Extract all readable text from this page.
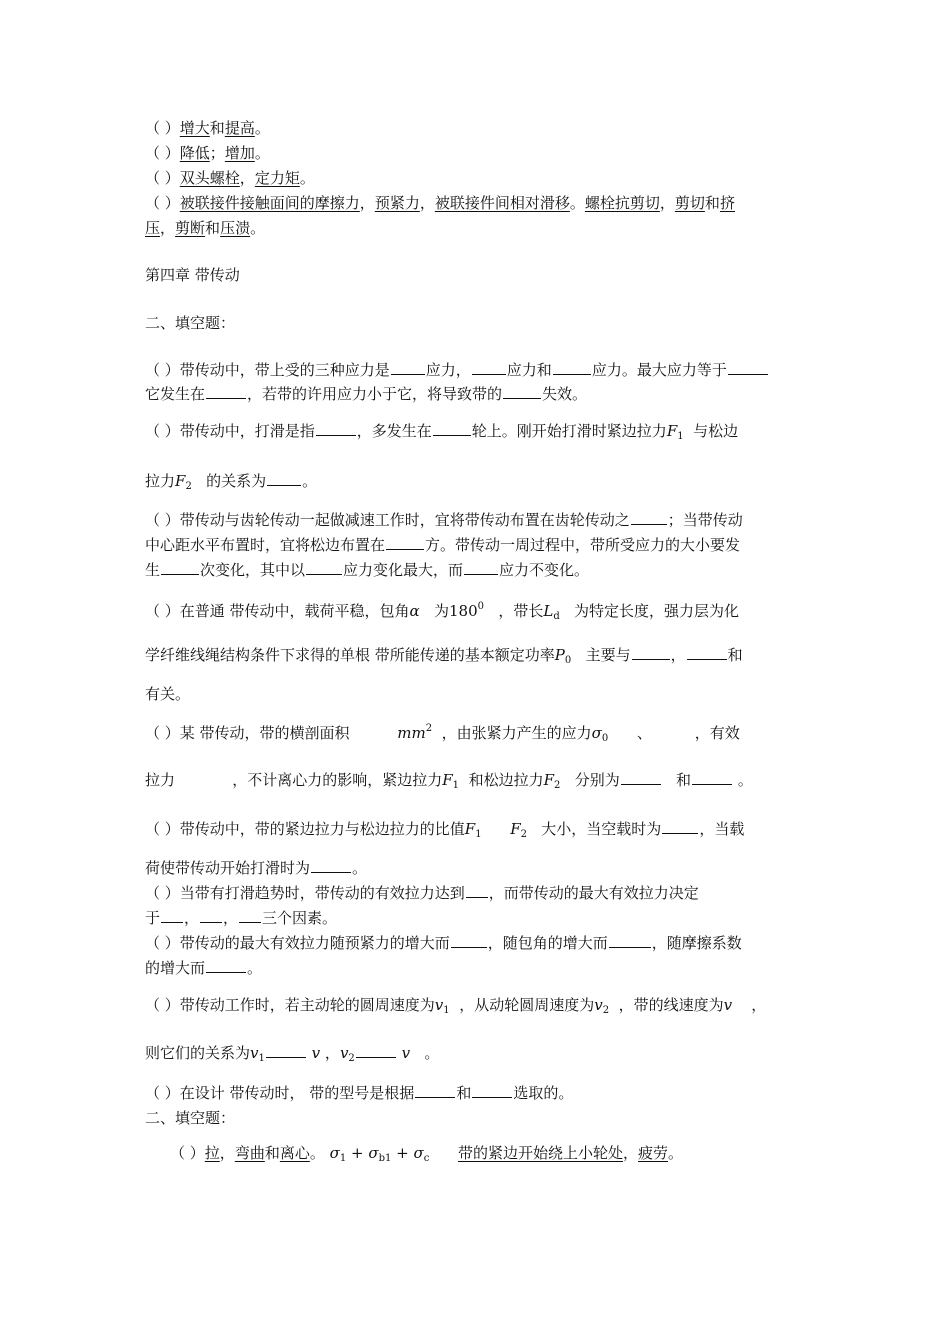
（ ）增大和提高。
（ ）降低；增加。
（ ）双头螺栓，定力矩。
（ ）被联接件接触面间的摩擦力，预紧力，被联接件间相对滑移。螺栓抗剪切，剪切和挤
压，剪断和压溃。
第四章 带传动
二、填空题：
（ ）带传动中，带上受的三种应力是 应力， 应力和	应力。最大应力等于
它发生在	，若带的许用应力小于它，将导致带的	失效。
（ ）带传动中，打滑是指	，多发生在	轮上。刚开始打滑时紧边拉力$F_1$ 与松边
拉力$F_2$ 的关系为 。
（ ）带传动与齿轮传动一起做减速工作时，宜将带传动布置在齿轮传动之	；当带传动
中心距水平布置时，宜将松边布置在	方。带传动一周过程中，带所受应力的大小要发
生	次变化，其中以	应力变化最大，而 应力不变化。
（ ）在普通 带传动中，载荷平稳，包角α 为$180^0$ ，带长$L_d$ 为特定长度，强力层为化
学纤维线绳结构条件下求得的单根 带所能传递的基本额定功率$P_0$ 主要与	，	和
有关。
（ ）某 带传动，带的横剖面积	$mm^2$ ，由张紧力产生的应力$\sigma_0$ 、	，有效
拉力	，不计离心力的影响，紧边拉力$F_1$ 和松边拉力$F_2$ 分别为	和	。
（ ）带传动中，带的紧边拉力与松边拉力的比值$F_1$ $F_2$ 大小，当空载时为	，当载
荷使带传动开始打滑时为	。
（ ）当带有打滑趋势时，带传动的有效拉力达到 ，而带传动的最大有效拉力决定
于 ， ， 三个因素。
（ ）带传动的最大有效拉力随预紧力的增大而	，随包角的增大而	，随摩擦系数
的增大而	。
（ ）带传动工作时，若主动轮的圆周速度为$v_1$ ，从动轮圆周速度为$v_2$ ，带的线速度为v ，
则它们的关系为$v_1$	v ，$v_2$	v 。
（ ）在设计 带传动时， 带的型号是根据	和	选取的。
二、填空题：
（ ）拉，弯曲和离心。 $\sigma_1 + \sigma_{b1} + \sigma_c$ 带的紧边开始绕上小轮处，疲劳。
